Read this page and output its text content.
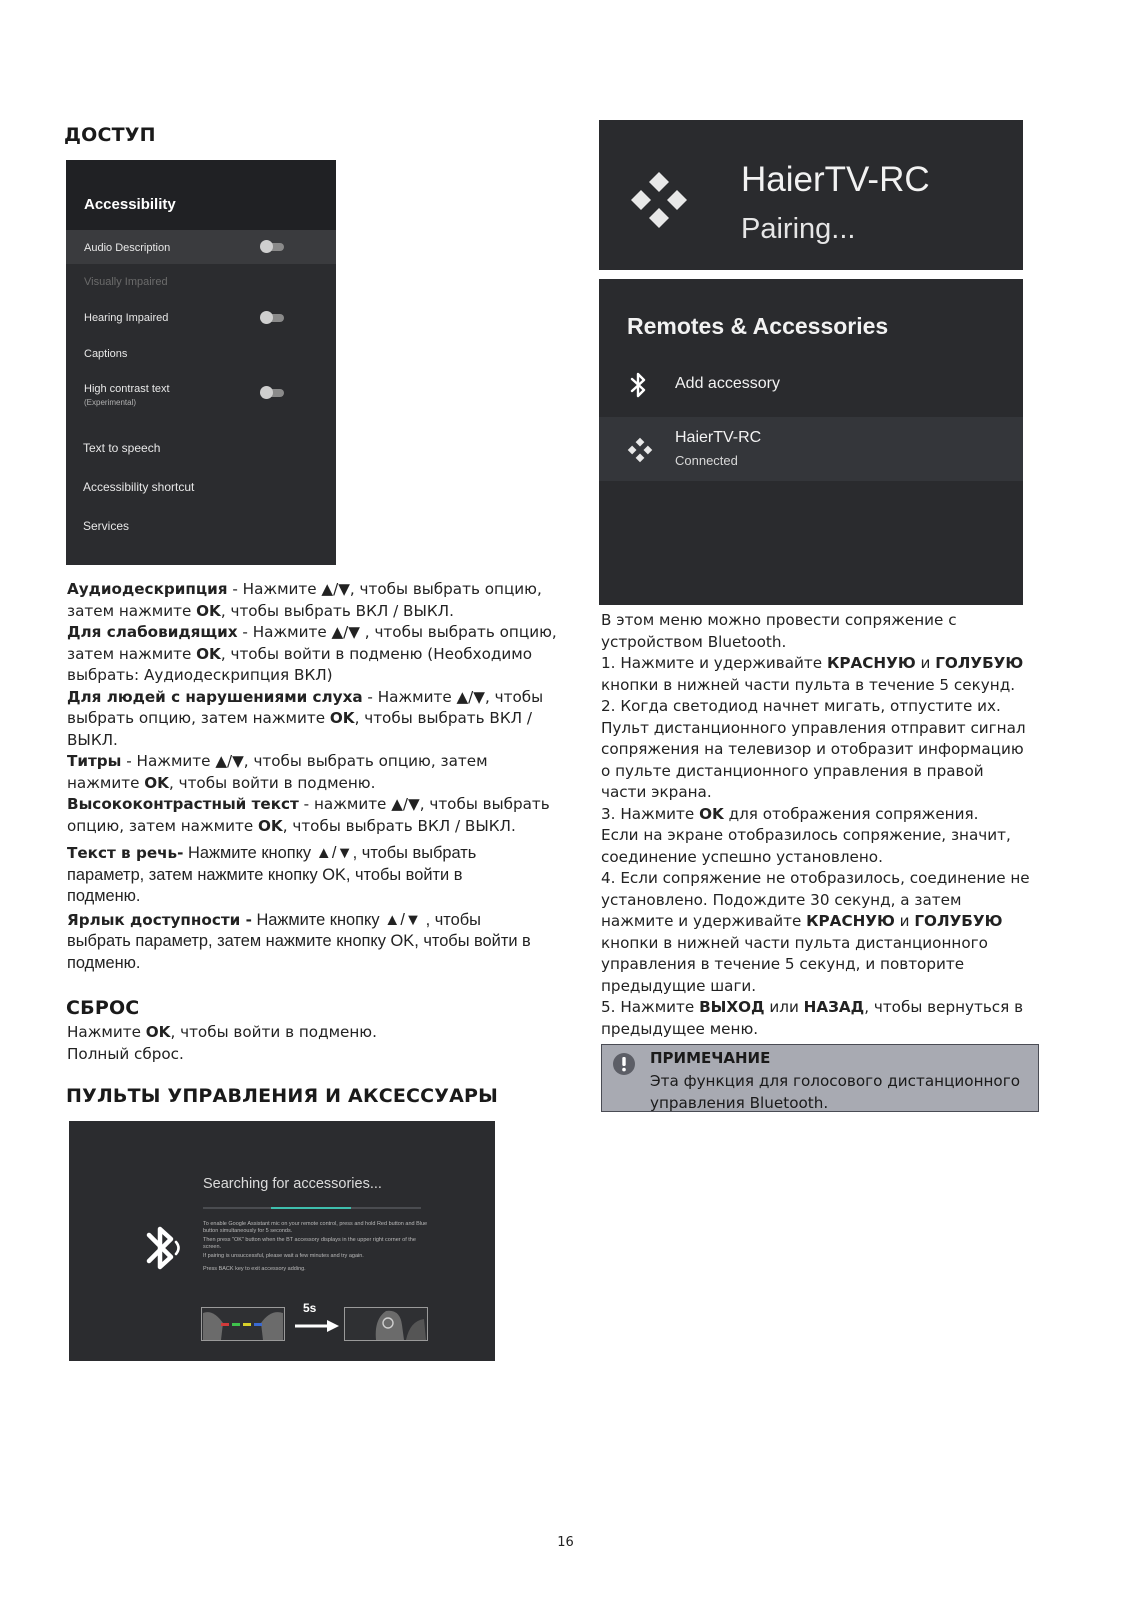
ДОСТУП
Accessibility
Audio Description
Visually Impaired
Hearing Impaired
Captions
High contrast text
(Experimental)
Text to speech
Accessibility shortcut
Services

Аудиодескрипция - Нажмите ▲/▼, чтобы выбрать опцию, затем нажмите OK, чтобы выбрать ВКЛ / ВЫКЛ.

Для слабовидящих - Нажмите ▲/▼ , чтобы выбрать опцию, затем нажмите OK, чтобы войти в подменю (Необходимо выбрать: Аудиодескрипция ВКЛ)

Для людей с нарушениями слуха - Нажмите ▲/▼, чтобы выбрать опцию, затем нажмите OK, чтобы выбрать ВКЛ / ВЫКЛ.

Титры - Нажмите ▲/▼, чтобы выбрать опцию, затем нажмите OK, чтобы войти в подменю.

Высококонтрастный текст - нажмите ▲/▼, чтобы выбрать опцию, затем нажмите OK, чтобы выбрать ВКЛ / ВЫКЛ.

Текст в речь- Нажмите кнопку ▲/▼, чтобы выбрать параметр, затем нажмите кнопку OK, чтобы войти в подменю.

Ярлык доступности - Нажмите кнопку ▲/▼ , чтобы выбрать параметр, затем нажмите кнопку OK, чтобы войти в подменю.

СБРОС

Нажмите OK, чтобы войти в подменю.

Полный сброс.

ПУЛЬТЫ УПРАВЛЕНИЯ И АКСЕССУАРЫ
Searching for accessories...

To enable Google Assistant mic on your remote control, press and hold Red button and Blue button simultaneously for 5 seconds.

Then press "OK" button when the BT accessory displays in the upper right corner of the screen.

If pairing is unsuccessful, please wait a few minutes and try again.

Press BACK key to exit accessory adding.

5s
HaierTV-RC
Pairing...
Remotes & Accessories
Add accessory
HaierTV-RC
Connected

В этом меню можно провести сопряжение с устройством Bluetooth.

1. Нажмите и удерживайте КРАСНУЮ и ГОЛУБУЮ кнопки в нижней части пульта в течение 5 секунд.

2. Когда светодиод начнет мигать, отпустите их. Пульт дистанционного управления отправит сигнал сопряжения на телевизор и отобразит информацию о пульте дистанционного управления в правой части экрана.

3. Нажмите OK для отображения сопряжения.

Если на экране отобразилось сопряжение, значит, соединение успешно установлено.

4. Если сопряжение не отобразилось, соединение не установлено. Подождите 30 секунд, а затем нажмите и удерживайте КРАСНУЮ и ГОЛУБУЮ кнопки в нижней части пульта дистанционного управления в течение 5 секунд, и повторите предыдущие шаги.

5. Нажмите ВЫХОД или НАЗАД, чтобы вернуться в предыдущее меню.

ПРИМЕЧАНИЕ
Эта функция для голосового дистанционного управления Bluetooth.
16
